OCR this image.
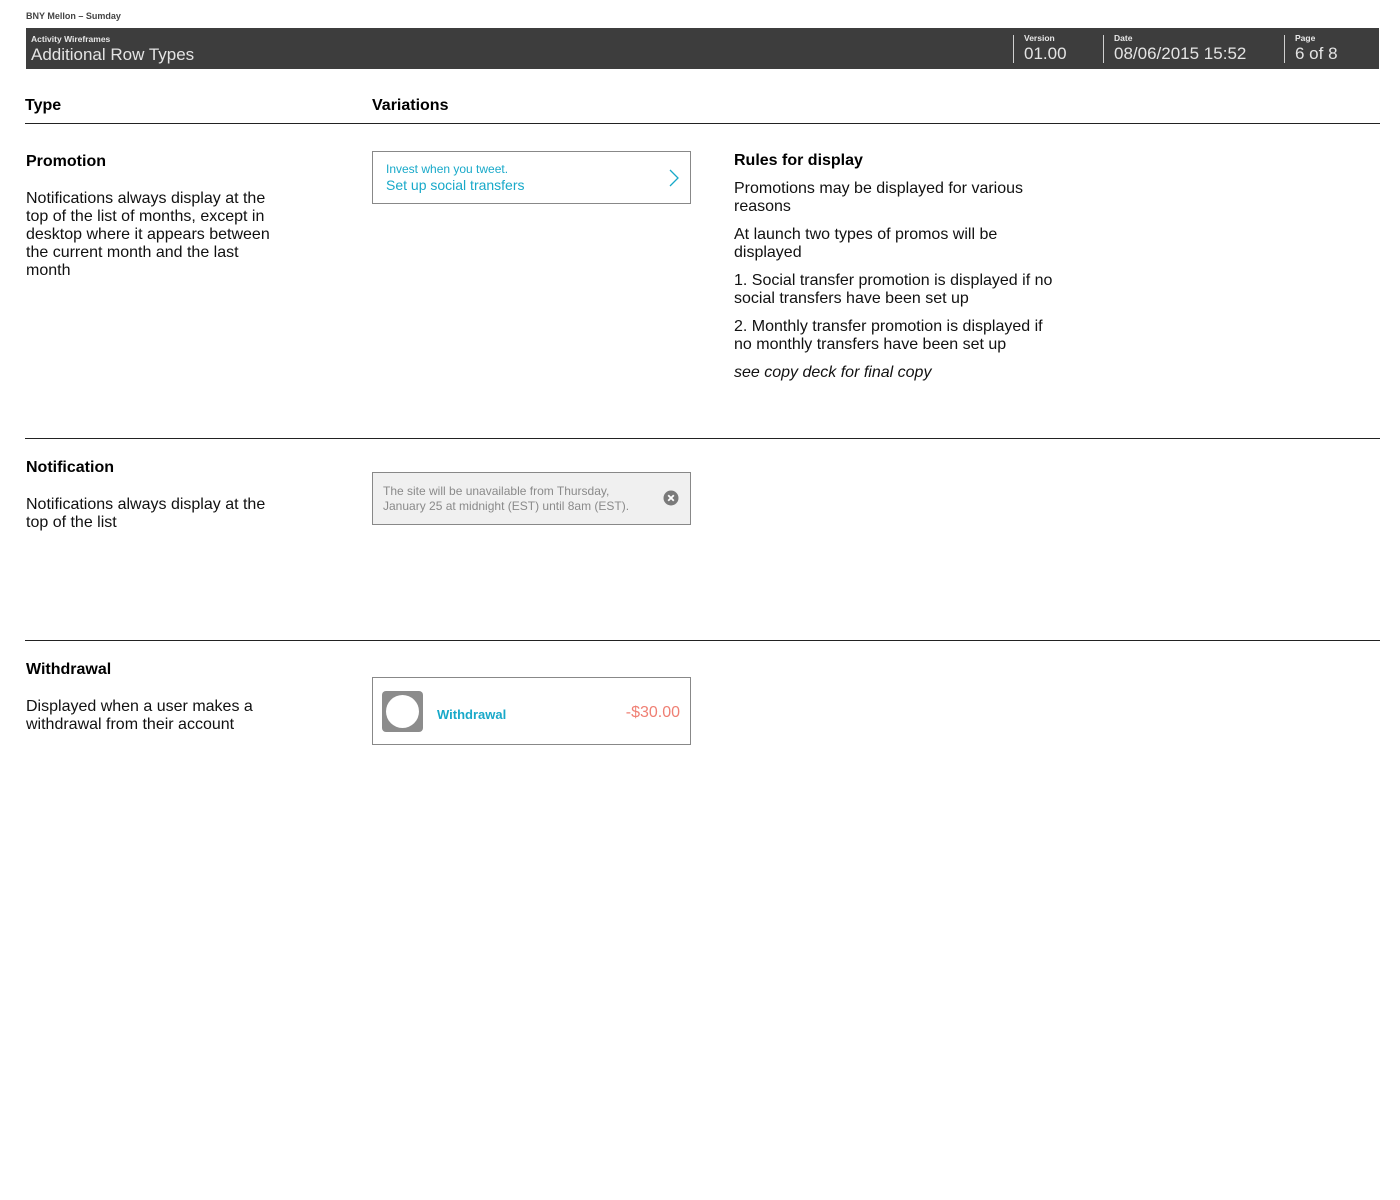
BNY Mellon – Sumday
Activity Wireframes
Additional Row Types
Version
01.00
Date
08/06/2015 15:52
Page
6 of 8
Type	Variations
Promotion
Notifications always display at the top of the list of months, except in desktop where it appears between the current month and the last month
Invest when you tweet.
Set up social transfers
Rules for display

Promotions may be displayed for various reasons

At launch two types of promos will be displayed

1. Social transfer promotion is displayed if no social transfers have been set up

2. Monthly transfer promotion is displayed if no monthly transfers have been set up

see copy deck for final copy
Notification
Notifications always display at the top of the list
The site will be unavailable from Thursday, January 25 at midnight (EST) until 8am (EST).
Withdrawal
Displayed when a user makes a withdrawal from their account
Withdrawal	-$30.00
